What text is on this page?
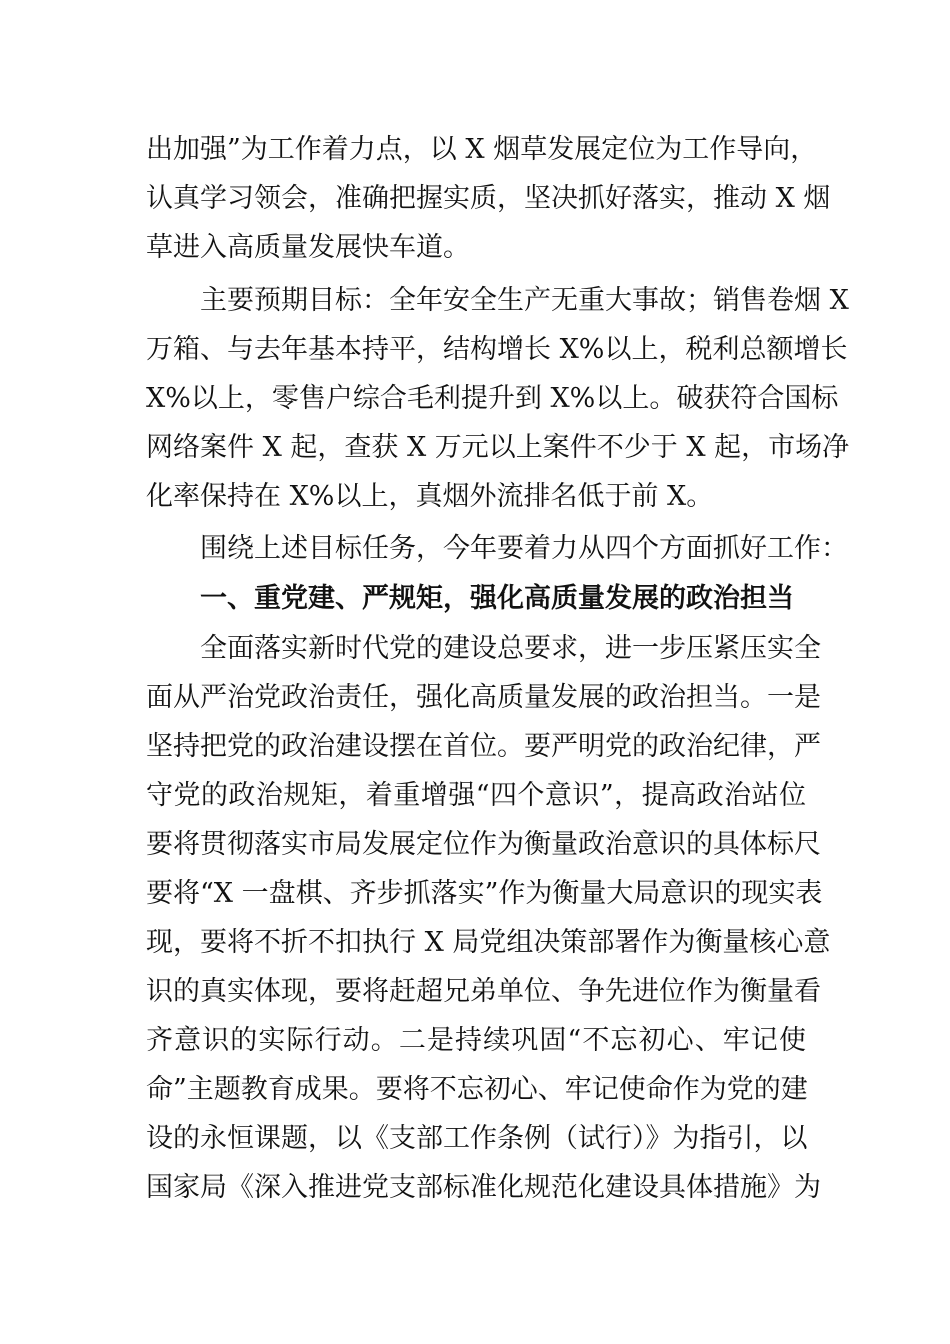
出加强”为工作着力点，以 X 烟草发展定位为工作导向，
认真学习领会，准确把握实质，坚决抓好落实，推动 X 烟
草进入高质量发展快车道。
主要预期目标：全年安全生产无重大事故；销售卷烟 X
万箱、与去年基本持平，结构增长 X%以上，税利总额增长
X%以上，零售户综合毛利提升到 X%以上。破获符合国标
网络案件 X 起，查获 X 万元以上案件不少于 X 起，市场净
化率保持在 X%以上，真烟外流排名低于前 X。
围绕上述目标任务，今年要着力从四个方面抓好工作：
一、重党建、严规矩，强化高质量发展的政治担当
全面落实新时代党的建设总要求，进一步压紧压实全
面从严治党政治责任，强化高质量发展的政治担当。一是
坚持把党的政治建设摆在首位。要严明党的政治纪律，严
守党的政治规矩，着重增强“四个意识”，提高政治站位
要将贯彻落实市局发展定位作为衡量政治意识的具体标尺
要将“X 一盘棋、齐步抓落实”作为衡量大局意识的现实表
现，要将不折不扣执行 X 局党组决策部署作为衡量核心意
识的真实体现，要将赶超兄弟单位、争先进位作为衡量看
齐意识的实际行动。二是持续巩固“不忘初心、牢记使
命”主题教育成果。要将不忘初心、牢记使命作为党的建
设的永恒课题，以《支部工作条例（试行）》为指引，以
国家局《深入推进党支部标准化规范化建设具体措施》为
